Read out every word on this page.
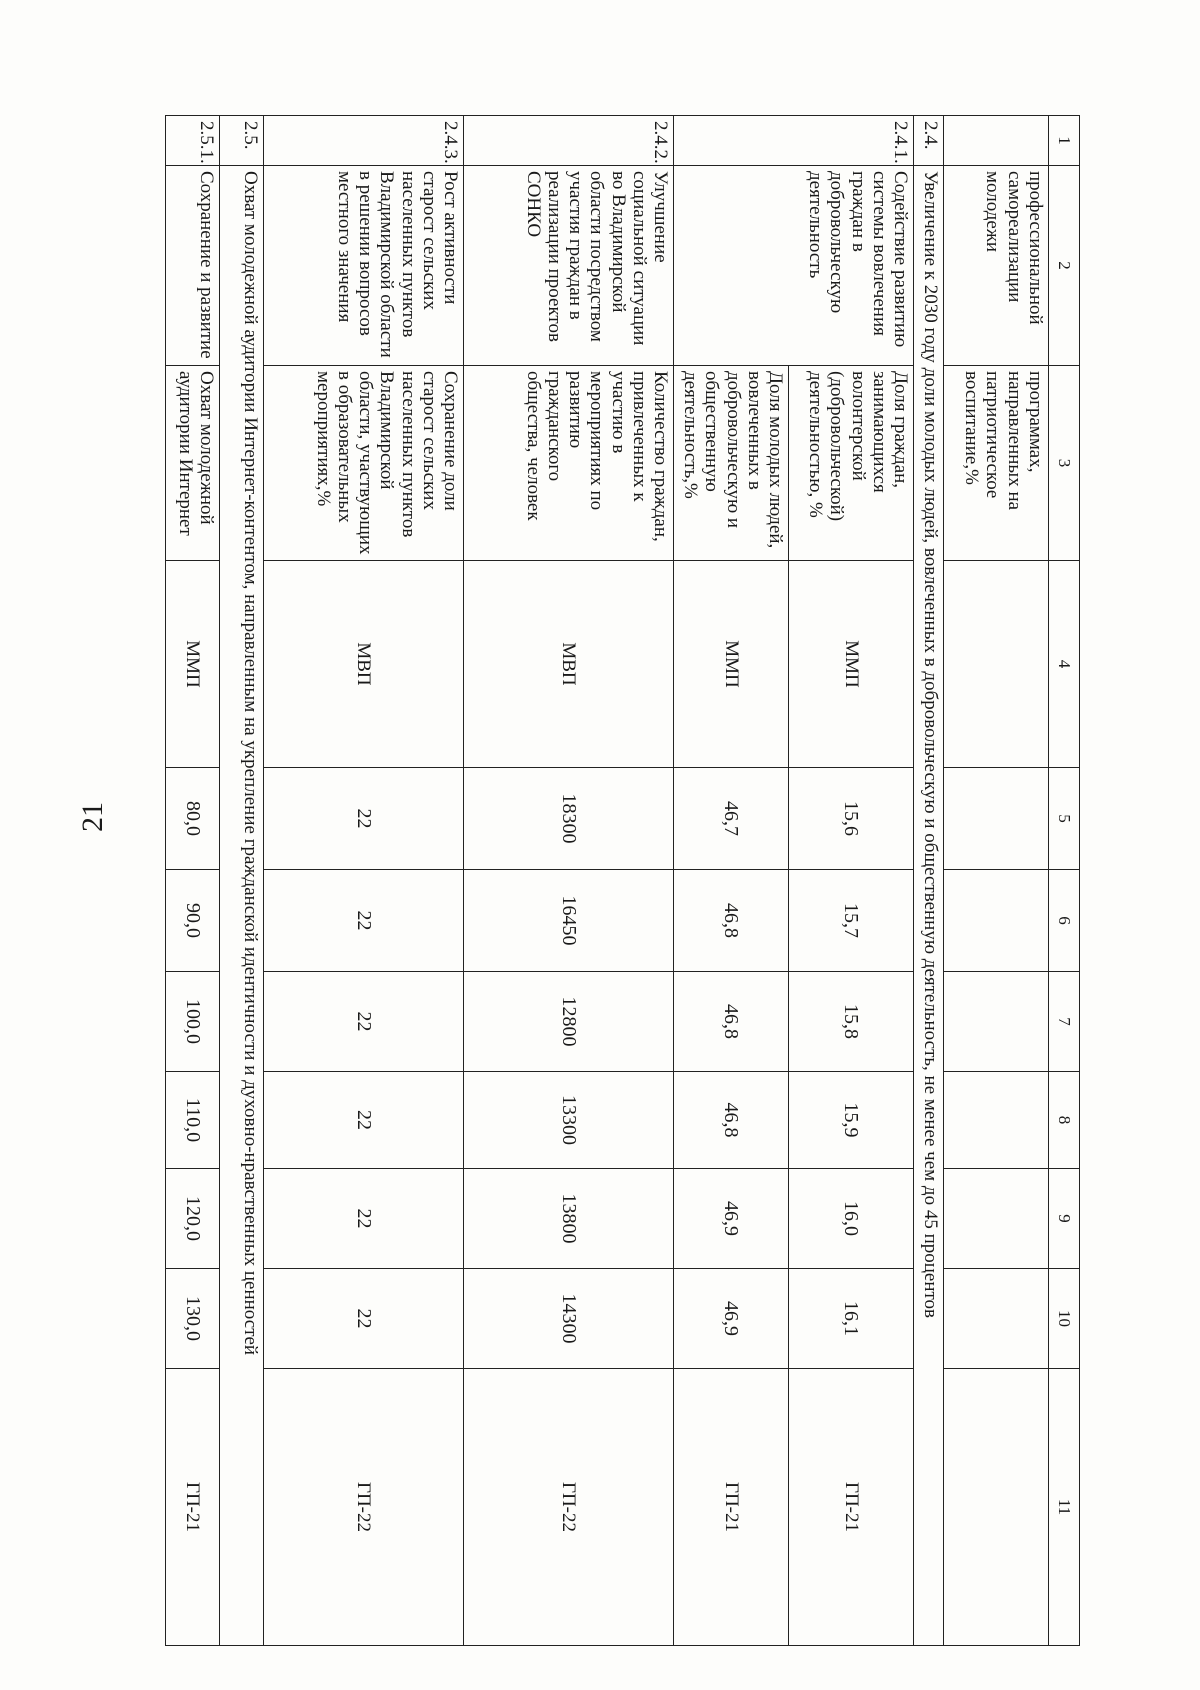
21
1	2	3	4	5	6	7	8	9	10	11
	профессиональной самореализации молодежи	программах, направленных на патриотическое воспитание,%								
2.4.	Увеличение к 2030 году доли молодых людей, вовлеченных в добровольческую и общественную деятельность, не менее чем до 45 процентов									
2.4.1.	Содействие развитию системы вовлечения граждан в добровольческую деятельность	Доля граждан, занимающихся волонтерской (добровольческой) деятельностью, %	ММП	15,6	15,7	15,8	15,9	16,0	16,1	ГП-21
		Доля молодых людей, вовлеченных в добровольческую и общественную деятельность,%	ММП	46,7	46,8	46,8	46,8	46,9	46,9	ГП-21
2.4.2.	Улучшение социальной ситуации во Владимирской области посредством участия граждан в реализации проектов СОНКО	Количество граждан, привлеченных к участию в мероприятиях по развитию гражданского общества, человек	МВП	18300	16450	12800	13300	13800	14300	ГП-22
2.4.3.	Рост активности старост сельских населенных пунктов Владимирской области в решении вопросов местного значения	Сохранение доли старост сельских населенных пунктов Владимирской области, участвующих в образовательных мероприятиях,%	МВП	22	22	22	22	22	22	ГП-22
2.5.	Охват молодежной аудитории Интернет-контентом, направленным на укрепление гражданской идентичности и духовно-нравственных ценностей									
2.5.1.	Сохранение и развитие	Охват молодежной аудитории Интернет	ММП	80,0	90,0	100,0	110,0	120,0	130,0	ГП-21
